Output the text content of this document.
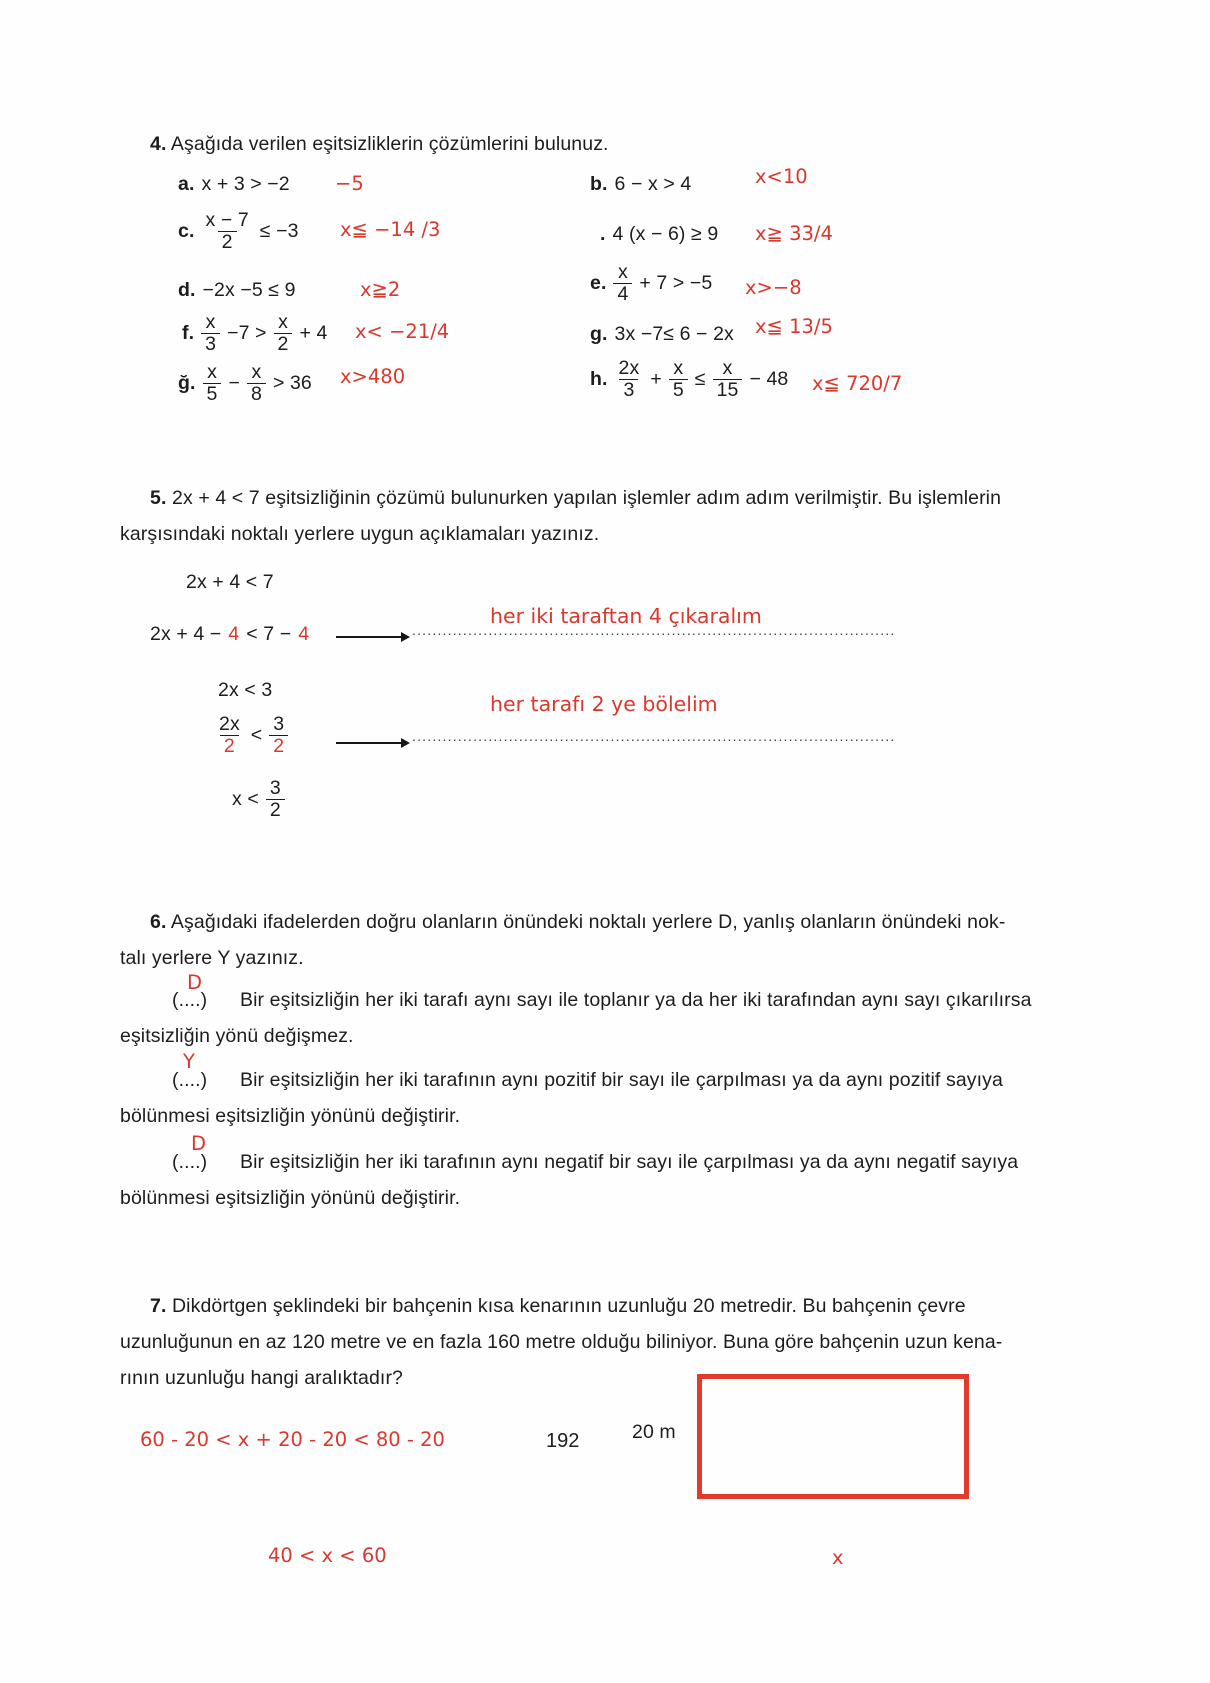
4. Aşağıda verilen eşitsizliklerin çözümlerini bulunuz.
a. x + 3 > −2 −5	b. 6 − x > 4	x<10
c. $\frac{x - 7}{2} \le -3$ x≦ −14 /3	. 4 (x − 6) ≥ 9 x≧ 33/4
d. −2x −5 ≤ 9	x≧2	e. $\frac{x}{4} + 7 > -5$ x>−8
f. $\frac{x}{3} -7 > \frac{x}{2} + 4$ x< −21/4	g. 3x −7≤ 6 − 2x x≦ 13/5
ğ. $\frac{x}{5} - \frac{x}{8} > 36$ x>480	h. $\frac{2x}{3} + \frac{x}{5} \le \frac{x}{15} - 48$ x≦ 720/7
5. 2x + 4 < 7 eşitsizliğinin çözümü bulunurken yapılan işlemler adım adım verilmiştir. Bu işlemlerin
karşısındaki noktalı yerlere uygun açıklamaları yazınız.
2x + 4 < 7
2x + 4 − 4 < 7 − 4	...............................................................................................
her iki taraftan 4 çıkaralım
2x < 3
$\frac{2x}{2} < \frac{3}{2}$	...............................................................................................
her tarafı 2 ye bölelim
$x < \frac{3}{2}$
6. Aşağıdaki ifadelerden doğru olanların önündeki noktalı yerlere D, yanlış olanların önündeki nok-
talı yerlere Y yazınız.
D
(....) Bir eşitsizliğin her iki tarafı aynı sayı ile toplanır ya da her iki tarafından aynı sayı çıkarılırsa
eşitsizliğin yönü değişmez.
Y
(....) Bir eşitsizliğin her iki tarafının aynı pozitif bir sayı ile çarpılması ya da aynı pozitif sayıya
bölünmesi eşitsizliğin yönünü değiştirir.
D
(....) Bir eşitsizliğin her iki tarafının aynı negatif bir sayı ile çarpılması ya da aynı negatif sayıya
bölünmesi eşitsizliğin yönünü değiştirir.
7. Dikdörtgen şeklindeki bir bahçenin kısa kenarının uzunluğu 20 metredir. Bu bahçenin çevre
uzunluğunun en az 120 metre ve en fazla 160 metre olduğu biliniyor. Buna göre bahçenin uzun kena-
rının uzunluğu hangi aralıktadır?
20 m
x
60 - 20 < x + 20 - 20 < 80 - 20
40 < x < 60
192
